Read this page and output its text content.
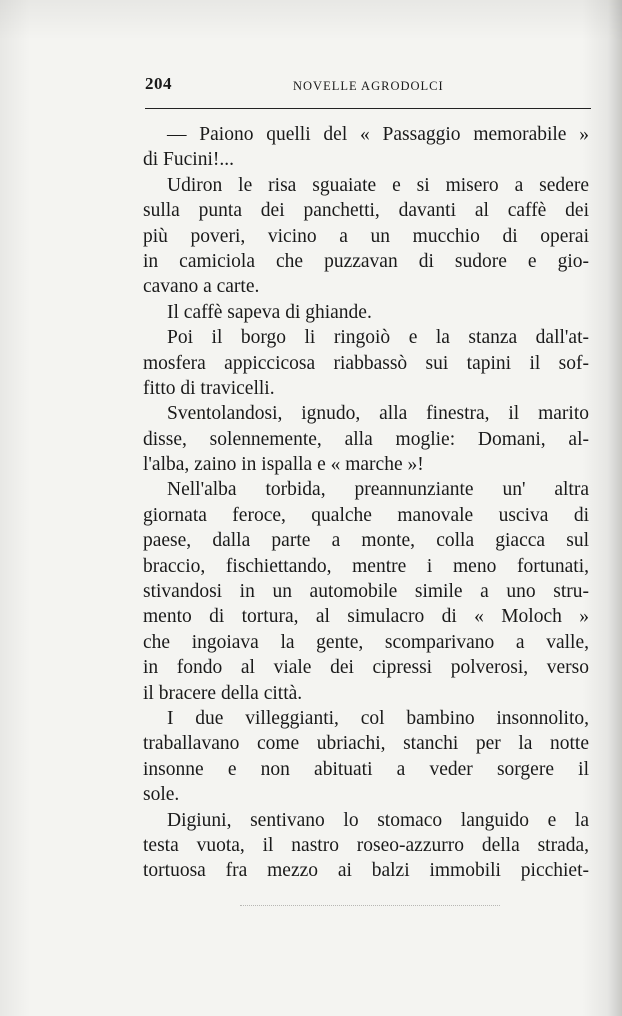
204	NOVELLE AGRODOLCI
— Paiono quelli del « Passaggio memorabile »
di Fucini!...
Udiron le risa sguaiate e si misero a sedere
sulla punta dei panchetti, davanti al caffè dei
più poveri, vicino a un mucchio di operai
in camiciola che puzzavan di sudore e gio-
cavano a carte.
Il caffè sapeva di ghiande.
Poi il borgo li ringoiò e la stanza dall'at-
mosfera appiccicosa riabbassò sui tapini il sof-
fitto di travicelli.
Sventolandosi, ignudo, alla finestra, il marito
disse, solennemente, alla moglie: Domani, al-
l'alba, zaino in ispalla e « marche »!
Nell'alba torbida, preannunziante un' altra
giornata feroce, qualche manovale usciva di
paese, dalla parte a monte, colla giacca sul
braccio, fischiettando, mentre i meno fortunati,
stivandosi in un automobile simile a uno stru-
mento di tortura, al simulacro di « Moloch »
che ingoiava la gente, scomparivano a valle,
in fondo al viale dei cipressi polverosi, verso
il bracere della città.
I due villeggianti, col bambino insonnolito,
traballavano come ubriachi, stanchi per la notte
insonne e non abituati a veder sorgere il
sole.
Digiuni, sentivano lo stomaco languido e la
testa vuota, il nastro roseo-azzurro della strada,
tortuosa fra mezzo ai balzi immobili picchiet-
